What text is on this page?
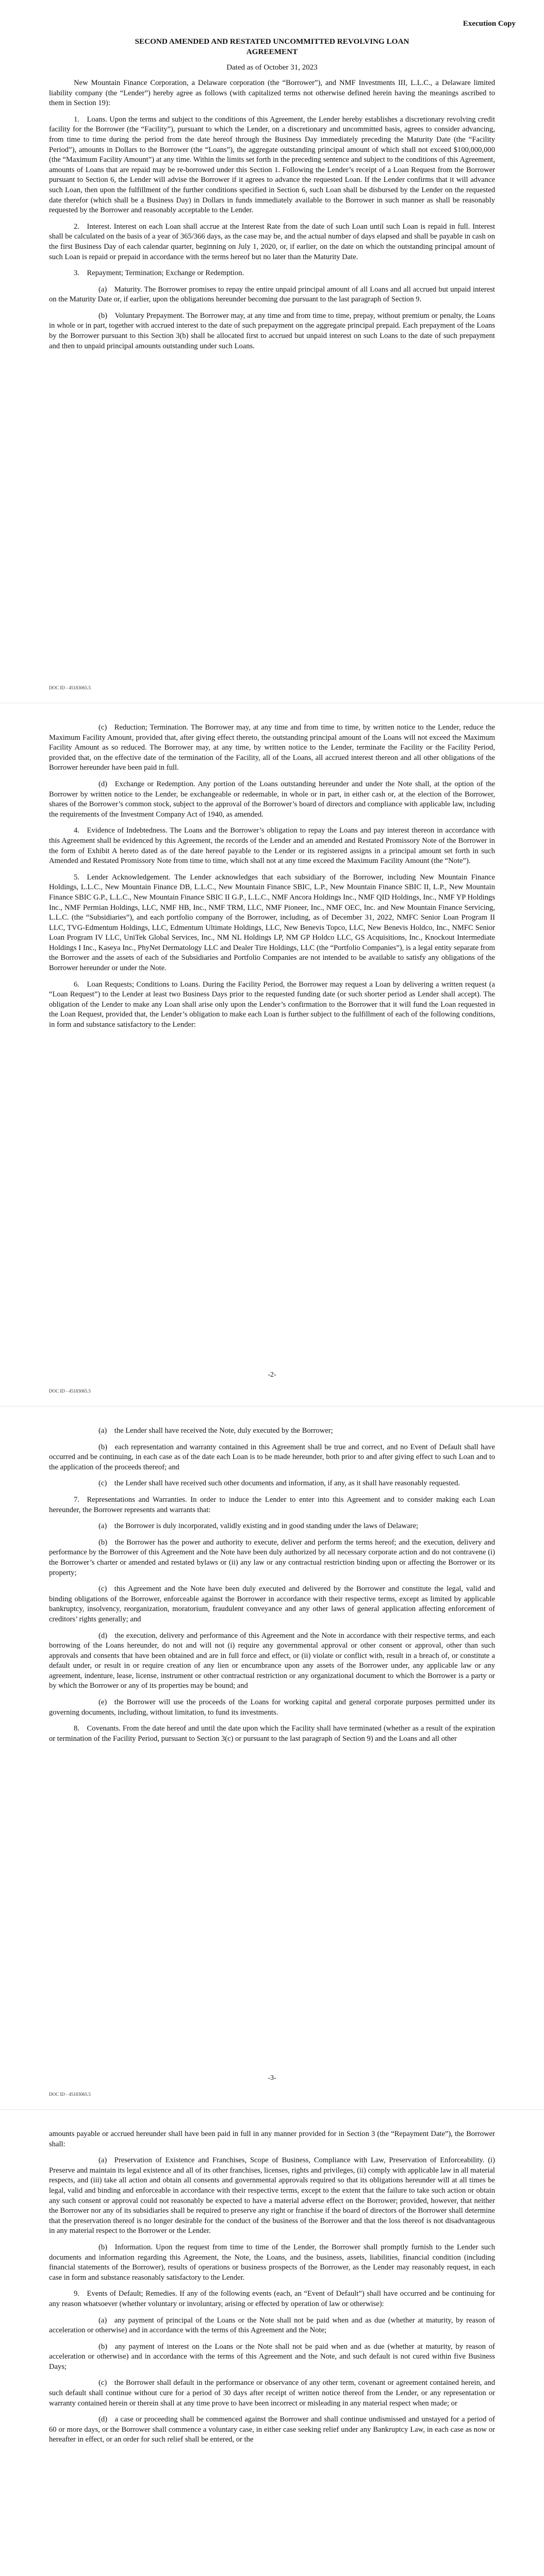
Execution Copy
SECOND AMENDED AND RESTATED UNCOMMITTED REVOLVING LOAN
AGREEMENT
Dated as of October 31, 2023

New Mountain Finance Corporation, a Delaware corporation (the “Borrower”), and NMF Investments III, L.L.C., a Delaware limited liability company (the “Lender”) hereby agree as follows (with capitalized terms not otherwise defined herein having the meanings ascribed to them in Section 19):

1. Loans. Upon the terms and subject to the conditions of this Agreement, the Lender hereby establishes a discretionary revolving credit facility for the Borrower (the “Facility”), pursuant to which the Lender, on a discretionary and uncommitted basis, agrees to consider advancing, from time to time during the period from the date hereof through the Business Day immediately preceding the Maturity Date (the “Facility Period”), amounts in Dollars to the Borrower (the “Loans”), the aggregate outstanding principal amount of which shall not exceed $100,000,000 (the “Maximum Facility Amount”) at any time. Within the limits set forth in the preceding sentence and subject to the conditions of this Agreement, amounts of Loans that are repaid may be re-borrowed under this Section 1. Following the Lender’s receipt of a Loan Request from the Borrower pursuant to Section 6, the Lender will advise the Borrower if it agrees to advance the requested Loan. If the Lender confirms that it will advance such Loan, then upon the fulfillment of the further conditions specified in Section 6, such Loan shall be disbursed by the Lender on the requested date therefor (which shall be a Business Day) in Dollars in funds immediately available to the Borrower in such manner as shall be reasonably requested by the Borrower and reasonably acceptable to the Lender.

2. Interest. Interest on each Loan shall accrue at the Interest Rate from the date of such Loan until such Loan is repaid in full. Interest shall be calculated on the basis of a year of 365/366 days, as the case may be, and the actual number of days elapsed and shall be payable in cash on the first Business Day of each calendar quarter, beginning on July 1, 2020, or, if earlier, on the date on which the outstanding principal amount of such Loan is repaid or prepaid in accordance with the terms hereof but no later than the Maturity Date.

3. Repayment; Termination; Exchange or Redemption.

(a) Maturity. The Borrower promises to repay the entire unpaid principal amount of all Loans and all accrued but unpaid interest on the Maturity Date or, if earlier, upon the obligations hereunder becoming due pursuant to the last paragraph of Section 9.

(b) Voluntary Prepayment. The Borrower may, at any time and from time to time, prepay, without premium or penalty, the Loans in whole or in part, together with accrued interest to the date of such prepayment on the aggregate principal prepaid. Each prepayment of the Loans by the Borrower pursuant to this Section 3(b) shall be allocated first to accrued but unpaid interest on such Loans to the date of such prepayment and then to unpaid principal amounts outstanding under such Loans.

DOC ID - 45183065.5

(c) Reduction; Termination. The Borrower may, at any time and from time to time, by written notice to the Lender, reduce the Maximum Facility Amount, provided that, after giving effect thereto, the outstanding principal amount of the Loans will not exceed the Maximum Facility Amount as so reduced. The Borrower may, at any time, by written notice to the Lender, terminate the Facility or the Facility Period, provided that, on the effective date of the termination of the Facility, all of the Loans, all accrued interest thereon and all other obligations of the Borrower hereunder have been paid in full.

(d) Exchange or Redemption. Any portion of the Loans outstanding hereunder and under the Note shall, at the option of the Borrower by written notice to the Lender, be exchangeable or redeemable, in whole or in part, in either cash or, at the election of the Borrower, shares of the Borrower’s common stock, subject to the approval of the Borrower’s board of directors and compliance with applicable law, including the requirements of the Investment Company Act of 1940, as amended.

4. Evidence of Indebtedness. The Loans and the Borrower’s obligation to repay the Loans and pay interest thereon in accordance with this Agreement shall be evidenced by this Agreement, the records of the Lender and an amended and Restated Promissory Note of the Borrower in the form of Exhibit A hereto dated as of the date hereof payable to the Lender or its registered assigns in a principal amount set forth in such Amended and Restated Promissory Note from time to time, which shall not at any time exceed the Maximum Facility Amount (the “Note”).

5. Lender Acknowledgement. The Lender acknowledges that each subsidiary of the Borrower, including New Mountain Finance Holdings, L.L.C., New Mountain Finance DB, L.L.C., New Mountain Finance SBIC, L.P., New Mountain Finance SBIC II, L.P., New Mountain Finance SBIC G.P., L.L.C., New Mountain Finance SBIC II G.P., L.L.C., NMF Ancora Holdings Inc., NMF QID Holdings, Inc., NMF YP Holdings Inc., NMF Permian Holdings, LLC, NMF HB, Inc., NMF TRM, LLC, NMF Pioneer, Inc., NMF OEC, Inc. and New Mountain Finance Servicing, L.L.C. (the “Subsidiaries”), and each portfolio company of the Borrower, including, as of December 31, 2022, NMFC Senior Loan Program II LLC, TVG-Edmentum Holdings, LLC, Edmentum Ultimate Holdings, LLC, New Benevis Topco, LLC, New Benevis Holdco, Inc., NMFC Senior Loan Program IV LLC, UniTek Global Services, Inc., NM NL Holdings LP, NM GP Holdco LLC, GS Acquisitions, Inc., Knockout Intermediate Holdings I Inc., Kaseya Inc., PhyNet Dermatology LLC and Dealer Tire Holdings, LLC (the “Portfolio Companies”), is a legal entity separate from the Borrower and the assets of each of the Subsidiaries and Portfolio Companies are not intended to be available to satisfy any obligations of the Borrower hereunder or under the Note.

6. Loan Requests; Conditions to Loans. During the Facility Period, the Borrower may request a Loan by delivering a written request (a “Loan Request”) to the Lender at least two Business Days prior to the requested funding date (or such shorter period as Lender shall accept). The obligation of the Lender to make any Loan shall arise only upon the Lender’s confirmation to the Borrower that it will fund the Loan requested in the Loan Request, provided that, the Lender’s obligation to make each Loan is further subject to the fulfillment of each of the following conditions, in form and substance satisfactory to the Lender:

-2-
DOC ID - 45183065.5

(a) the Lender shall have received the Note, duly executed by the Borrower;

(b) each representation and warranty contained in this Agreement shall be true and correct, and no Event of Default shall have occurred and be continuing, in each case as of the date each Loan is to be made hereunder, both prior to and after giving effect to such Loan and to the application of the proceeds thereof; and

(c) the Lender shall have received such other documents and information, if any, as it shall have reasonably requested.

7. Representations and Warranties. In order to induce the Lender to enter into this Agreement and to consider making each Loan hereunder, the Borrower represents and warrants that:

(a) the Borrower is duly incorporated, validly existing and in good standing under the laws of Delaware;

(b) the Borrower has the power and authority to execute, deliver and perform the terms hereof; and the execution, delivery and performance by the Borrower of this Agreement and the Note have been duly authorized by all necessary corporate action and do not contravene (i) the Borrower’s charter or amended and restated bylaws or (ii) any law or any contractual restriction binding upon or affecting the Borrower or its property;

(c) this Agreement and the Note have been duly executed and delivered by the Borrower and constitute the legal, valid and binding obligations of the Borrower, enforceable against the Borrower in accordance with their respective terms, except as limited by applicable bankruptcy, insolvency, reorganization, moratorium, fraudulent conveyance and any other laws of general application affecting enforcement of creditors’ rights generally; and

(d) the execution, delivery and performance of this Agreement and the Note in accordance with their respective terms, and each borrowing of the Loans hereunder, do not and will not (i) require any governmental approval or other consent or approval, other than such approvals and consents that have been obtained and are in full force and effect, or (ii) violate or conflict with, result in a breach of, or constitute a default under, or result in or require creation of any lien or encumbrance upon any assets of the Borrower under, any applicable law or any agreement, indenture, lease, license, instrument or other contractual restriction or any organizational document to which the Borrower is a party or by which the Borrower or any of its properties may be bound; and

(e) the Borrower will use the proceeds of the Loans for working capital and general corporate purposes permitted under its governing documents, including, without limitation, to fund its investments.

8. Covenants. From the date hereof and until the date upon which the Facility shall have terminated (whether as a result of the expiration or termination of the Facility Period, pursuant to Section 3(c) or pursuant to the last paragraph of Section 9) and the Loans and all other

-3-
DOC ID - 45183065.5

amounts payable or accrued hereunder shall have been paid in full in any manner provided for in Section 3 (the “Repayment Date”), the Borrower shall:

(a) Preservation of Existence and Franchises, Scope of Business, Compliance with Law, Preservation of Enforceability. (i) Preserve and maintain its legal existence and all of its other franchises, licenses, rights and privileges, (ii) comply with applicable law in all material respects, and (iii) take all action and obtain all consents and governmental approvals required so that its obligations hereunder will at all times be legal, valid and binding and enforceable in accordance with their respective terms, except to the extent that the failure to take such action or obtain any such consent or approval could not reasonably be expected to have a material adverse effect on the Borrower; provided, however, that neither the Borrower nor any of its subsidiaries shall be required to preserve any right or franchise if the board of directors of the Borrower shall determine that the preservation thereof is no longer desirable for the conduct of the business of the Borrower and that the loss thereof is not disadvantageous in any material respect to the Borrower or the Lender.

(b) Information. Upon the request from time to time of the Lender, the Borrower shall promptly furnish to the Lender such documents and information regarding this Agreement, the Note, the Loans, and the business, assets, liabilities, financial condition (including financial statements of the Borrower), results of operations or business prospects of the Borrower, as the Lender may reasonably request, in each case in form and substance reasonably satisfactory to the Lender.

9. Events of Default; Remedies. If any of the following events (each, an “Event of Default”) shall have occurred and be continuing for any reason whatsoever (whether voluntary or involuntary, arising or effected by operation of law or otherwise):

(a) any payment of principal of the Loans or the Note shall not be paid when and as due (whether at maturity, by reason of acceleration or otherwise) and in accordance with the terms of this Agreement and the Note;

(b) any payment of interest on the Loans or the Note shall not be paid when and as due (whether at maturity, by reason of acceleration or otherwise) and in accordance with the terms of this Agreement and the Note, and such default is not cured within five Business Days;

(c) the Borrower shall default in the performance or observance of any other term, covenant or agreement contained herein, and such default shall continue without cure for a period of 30 days after receipt of written notice thereof from the Lender, or any representation or warranty contained herein or therein shall at any time prove to have been incorrect or misleading in any material respect when made; or

(d) a case or proceeding shall be commenced against the Borrower and shall continue undismissed and unstayed for a period of 60 or more days, or the Borrower shall commence a voluntary case, in either case seeking relief under any Bankruptcy Law, in each case as now or hereafter in effect, or an order for such relief shall be entered, or the
